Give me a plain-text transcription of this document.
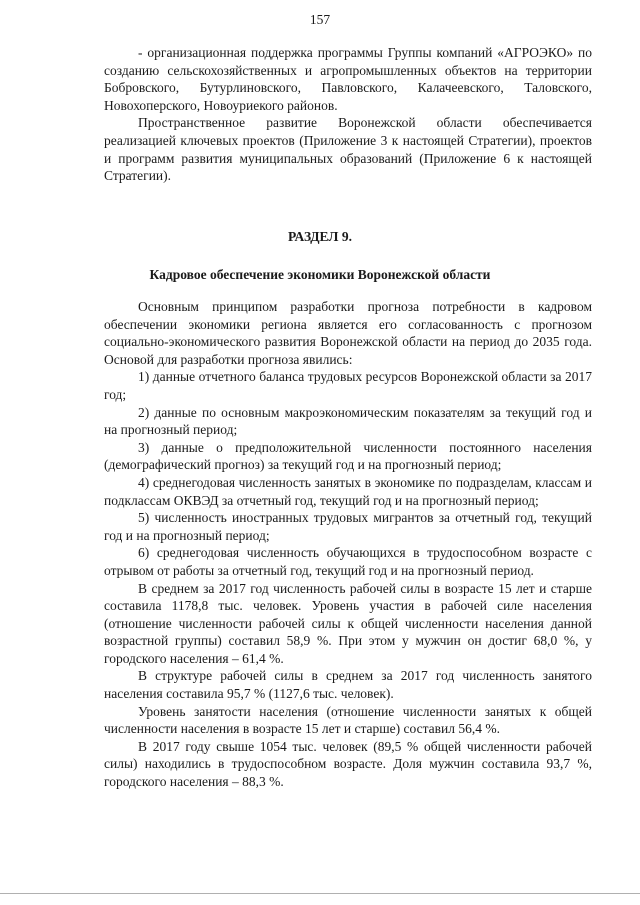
157

- организационная поддержка программы Группы компаний «АГРОЭКО» по созданию сельскохозяйственных и агропромышленных объектов на территории Бобровского, Бутурлиновского, Павловского, Калачеевского, Таловского, Новохоперского, Новоуриекого районов.

Пространственное развитие Воронежской области обеспечивается реализацией ключевых проектов (Приложение 3 к настоящей Стратегии), проектов и программ развития муниципальных образований (Приложение 6 к настоящей Стратегии).

РАЗДЕЛ 9.
Кадровое обеспечение экономики Воронежской области

Основным принципом разработки прогноза потребности в кадровом обеспечении экономики региона является его согласованность с прогнозом социально-экономического развития Воронежской области на период до 2035 года. Основой для разработки прогноза явились:

1) данные отчетного баланса трудовых ресурсов Воронежской области за 2017 год;

2) данные по основным макроэкономическим показателям за текущий год и на прогнозный период;

3) данные о предположительной численности постоянного населения (демографический прогноз) за текущий год и на прогнозный период;

4) среднегодовая численность занятых в экономике по подразделам, классам и подклассам ОКВЭД за отчетный год, текущий год и на прогнозный период;

5) численность иностранных трудовых мигрантов за отчетный год, текущий год и на прогнозный период;

6) среднегодовая численность обучающихся в трудоспособном возрасте с отрывом от работы за отчетный год, текущий год и на прогнозный период.

В среднем за 2017 год численность рабочей силы в возрасте 15 лет и старше составила 1178,8 тыс. человек. Уровень участия в рабочей силе населения (отношение численности рабочей силы к общей численности населения данной возрастной группы) составил 58,9 %. При этом у мужчин он достиг 68,0 %, у городского населения – 61,4 %.

В структуре рабочей силы в среднем за 2017 год численность занятого населения составила 95,7 % (1127,6 тыс. человек).

Уровень занятости населения (отношение численности занятых к общей численности населения в возрасте 15 лет и старше) составил 56,4 %.

В 2017 году свыше 1054 тыс. человек (89,5 % общей численности рабочей силы) находились в трудоспособном возрасте. Доля мужчин составила 93,7 %, городского населения – 88,3 %.
